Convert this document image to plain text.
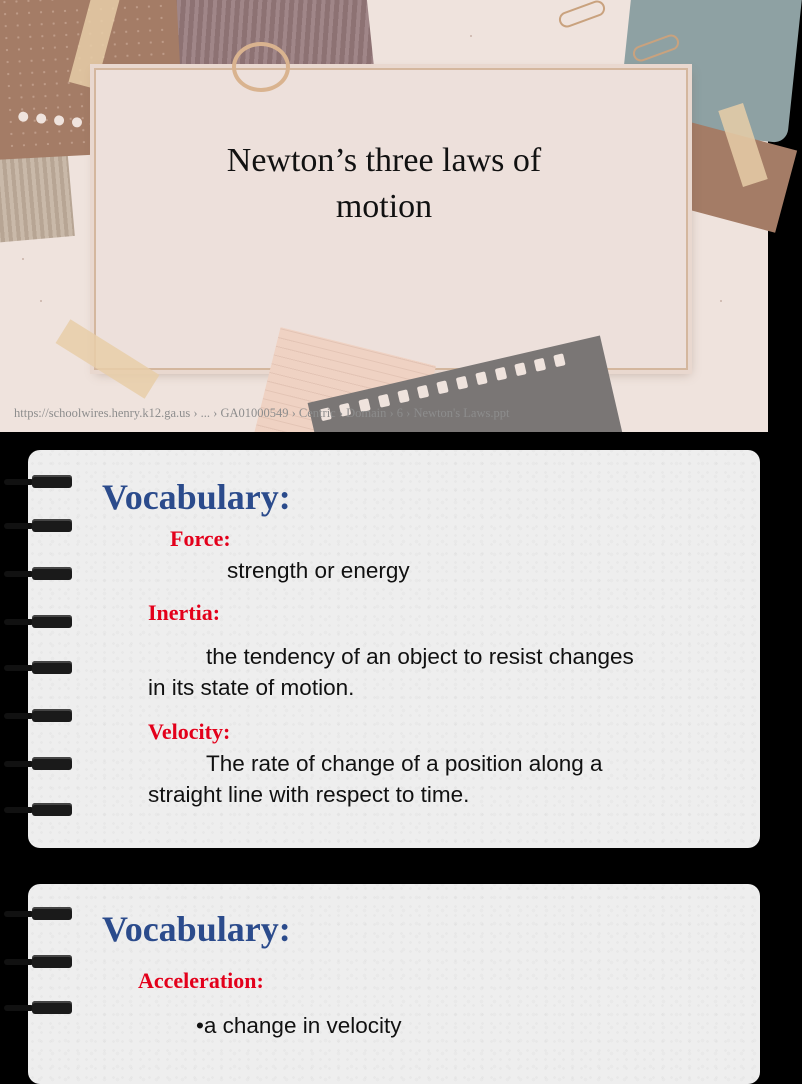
Newton’s three laws of
motion
https://schoolwires.henry.k12.ga.us › ... › GA01000549 › Centric › Domain › 6 › Newton's Laws.ppt
Vocabulary:
Force:
strength or energy
Inertia:
the tendency of an object to resist changes
in its state of motion.
Velocity:
The rate of change of a position along a
straight line with respect to time.
Vocabulary:
Acceleration:
•a change in velocity
